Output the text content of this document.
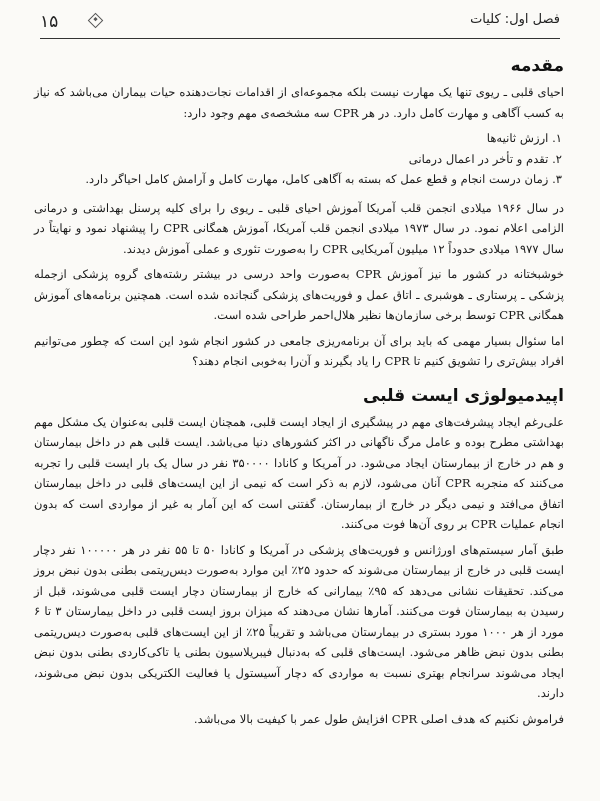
۱۵	فصل اول: کلیات
مقدمه

احیای قلبی ـ ریوی تنها یک مهارت نیست بلکه مجموعه‌ای از اقدامات نجات‌دهنده حیات بیماران می‌باشد که نیاز به کسب آگاهی و مهارت کامل دارد. در هر CPR سه مشخصه‌ی مهم وجود دارد:

۱. ارزش ثانیه‌ها

۲. تقدم و تأخر در اعمال درمانی

۳. زمان درست انجام و قطع عمل که بسته به آگاهی کامل، مهارت کامل و آرامش کامل احیاگر دارد.

در سال ۱۹۶۶ میلادی انجمن قلب آمریکا آموزش احیای قلبی ـ ریوی را برای کلیه پرسنل بهداشتی و درمانی الزامی اعلام نمود. در سال ۱۹۷۳ میلادی انجمن قلب آمریکا، آموزش همگانی CPR را پیشنهاد نمود و نهایتاً در سال ۱۹۷۷ میلادی حدوداً ۱۲ میلیون آمریکایی CPR را به‌صورت تئوری و عملی آموزش دیدند.

خوشبختانه در کشور ما نیز آموزش CPR به‌صورت واحد درسی در بیشتر رشته‌های گروه پزشکی ازجمله پزشکی ـ پرستاری ـ هوشبری ـ اتاق عمل و فوریت‌های پزشکی گنجانده شده است. همچنین برنامه‌های آموزش همگانی CPR توسط برخی سازمان‌ها نظیر هلال‌احمر طراحی شده است.

اما سئوال بسیار مهمی که باید برای آن برنامه‌ریزی جامعی در کشور انجام شود این است که چطور می‌توانیم افراد بیش‌تری را تشویق کنیم تا CPR را یاد بگیرند و آن‌را به‌خوبی انجام دهند؟

اپیدمیولوژی ایست قلبی

علی‌رغم ایجاد پیشرفت‌های مهم در پیشگیری از ایجاد ایست قلبی، همچنان ایست قلبی به‌عنوان یک مشکل مهم بهداشتی مطرح بوده و عامل مرگ ناگهانی در اکثر کشورهای دنیا می‌باشد. ایست قلبی هم در داخل بیمارستان و هم در خارج از بیمارستان ایجاد می‌شود. در آمریکا و کانادا ۳۵۰۰۰۰ نفر در سال یک بار ایست قلبی را تجربه می‌کنند که منجربه CPR آنان می‌شود، لازم به ذکر است که نیمی از این ایست‌های قلبی در داخل بیمارستان اتفاق می‌افتد و نیمی دیگر در خارج از بیمارستان. گفتنی است که این آمار به غیر از مواردی است که بدون انجام عملیات CPR بر روی آن‌ها فوت می‌کنند.

طبق آمار سیستم‌های اورژانس و فوریت‌های پزشکی در آمریکا و کانادا ۵۰ تا ۵۵ نفر در هر ۱۰۰۰۰۰ نفر دچار ایست قلبی در خارج از بیمارستان می‌شوند که حدود ۲۵٪ این موارد به‌صورت دیس‌ریتمی بطنی بدون نبض بروز می‌کند. تحقیقات نشانی می‌دهد که ۹۵٪ بیمارانی که خارج از بیمارستان دچار ایست قلبی می‌شوند، قبل از رسیدن به بیمارستان فوت می‌کنند. آمارها نشان می‌دهند که میزان بروز ایست قلبی در داخل بیمارستان ۳ تا ۶ مورد از هر ۱۰۰۰ مورد بستری در بیمارستان می‌باشد و تقریباً ۲۵٪ از این ایست‌های قلبی به‌صورت دیس‌ریتمی بطنی بدون نبض ظاهر می‌شود. ایست‌های قلبی که به‌دنبال فیبریلاسیون بطنی یا تاکی‌کاردی بطنی بدون نبض ایجاد می‌شوند سرانجام بهتری نسبت به مواردی که دچار آسیستول یا فعالیت الکتریکی بدون نبض می‌شوند، دارند.

فراموش نکنیم که هدف اصلی CPR افزایش طول عمر با کیفیت بالا می‌باشد.
